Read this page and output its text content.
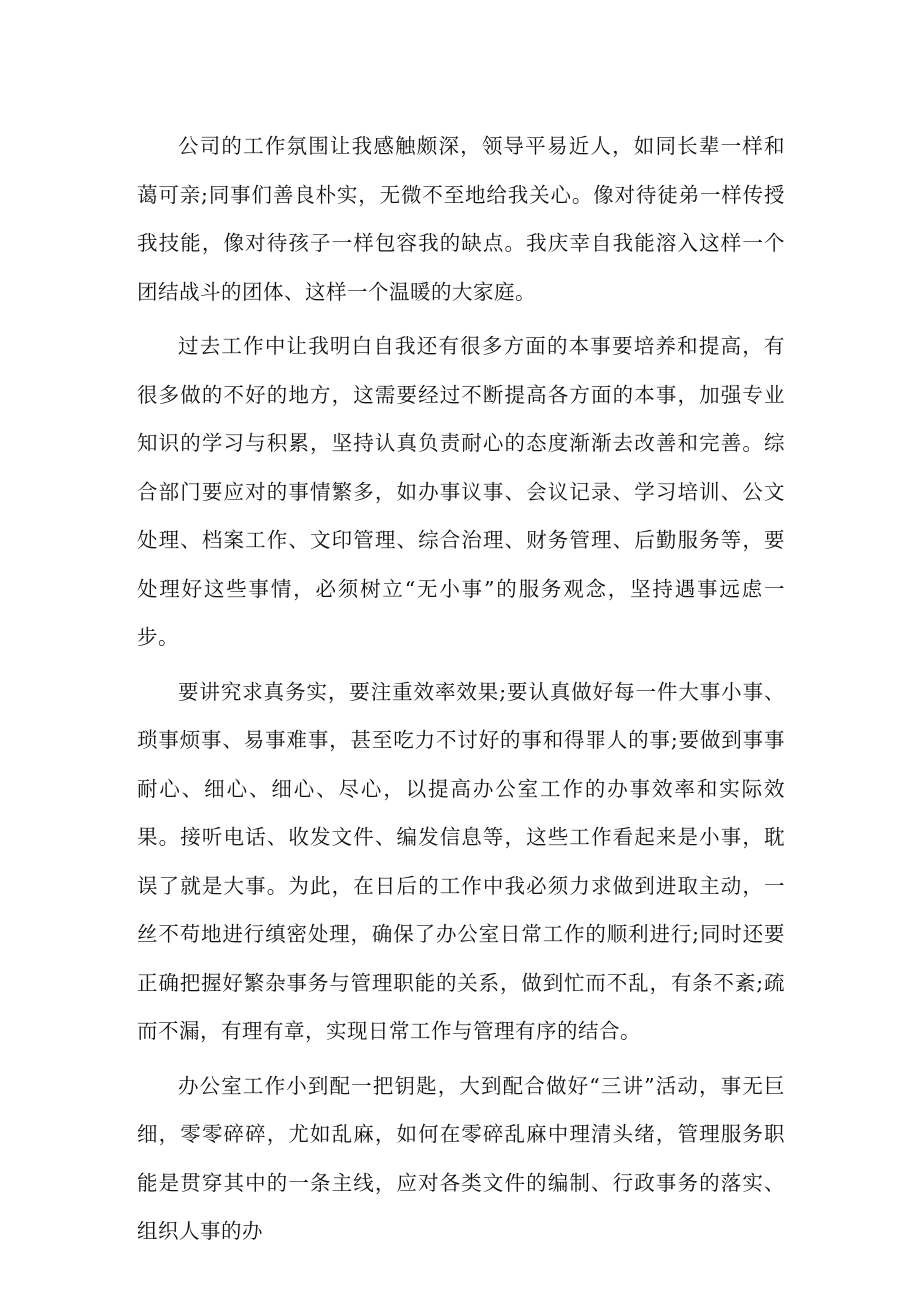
公司的工作氛围让我感触颇深，领导平易近人，如同长辈一样和蔼可亲;同事们善良朴实，无微不至地给我关心。像对待徒弟一样传授我技能，像对待孩子一样包容我的缺点。我庆幸自我能溶入这样一个团结战斗的团体、这样一个温暖的大家庭。

过去工作中让我明白自我还有很多方面的本事要培养和提高，有很多做的不好的地方，这需要经过不断提高各方面的本事，加强专业知识的学习与积累，坚持认真负责耐心的态度渐渐去改善和完善。综合部门要应对的事情繁多，如办事议事、会议记录、学习培训、公文处理、档案工作、文印管理、综合治理、财务管理、后勤服务等，要处理好这些事情，必须树立“无小事”的服务观念，坚持遇事远虑一步。

要讲究求真务实，要注重效率效果;要认真做好每一件大事小事、琐事烦事、易事难事，甚至吃力不讨好的事和得罪人的事;要做到事事耐心、细心、细心、尽心，以提高办公室工作的办事效率和实际效果。接听电话、收发文件、编发信息等，这些工作看起来是小事，耽误了就是大事。为此，在日后的工作中我必须力求做到进取主动，一丝不苟地进行缜密处理，确保了办公室日常工作的顺利进行;同时还要正确把握好繁杂事务与管理职能的关系，做到忙而不乱，有条不紊;疏而不漏，有理有章，实现日常工作与管理有序的结合。

办公室工作小到配一把钥匙，大到配合做好“三讲”活动，事无巨细，零零碎碎，尤如乱麻，如何在零碎乱麻中理清头绪，管理服务职能是贯穿其中的一条主线，应对各类文件的编制、行政事务的落实、组织人事的办
